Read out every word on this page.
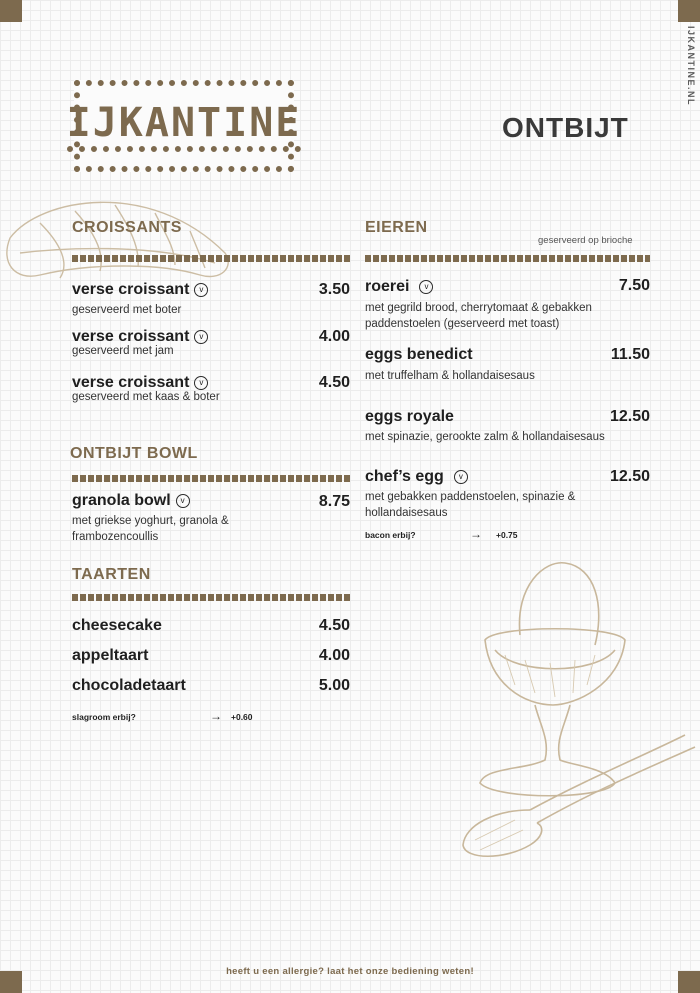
IJKANTINE.NL
IJKANTINE	ONTBIJT
CROISSANTS
verse croissant v	3.50
geserveerd met boter
verse croissant v	4.00
geserveerd met jam
verse croissant v	4.50
geserveerd met kaas & boter
ONTBIJT BOWL
granola bowl v	8.75
met griekse yoghurt, granola & frambozencoullis
TAARTEN
cheesecake	4.50
appeltaart	4.00
chocoladetaart	5.00
slagroom erbij?	→ +0.60
EIEREN
geserveerd op brioche
roerei v	7.50
met gegrild brood, cherrytomaat & gebakken paddenstoelen (geserveerd met toast)
eggs benedict	11.50
met truffelham & hollandaisesaus
eggs royale	12.50
met spinazie, gerookte zalm & hollandaisesaus
chef’s egg v	12.50
met gebakken paddenstoelen, spinazie & hollandaisesaus
bacon erbij?	→ +0.75
heeft u een allergie? laat het onze bediening weten!
